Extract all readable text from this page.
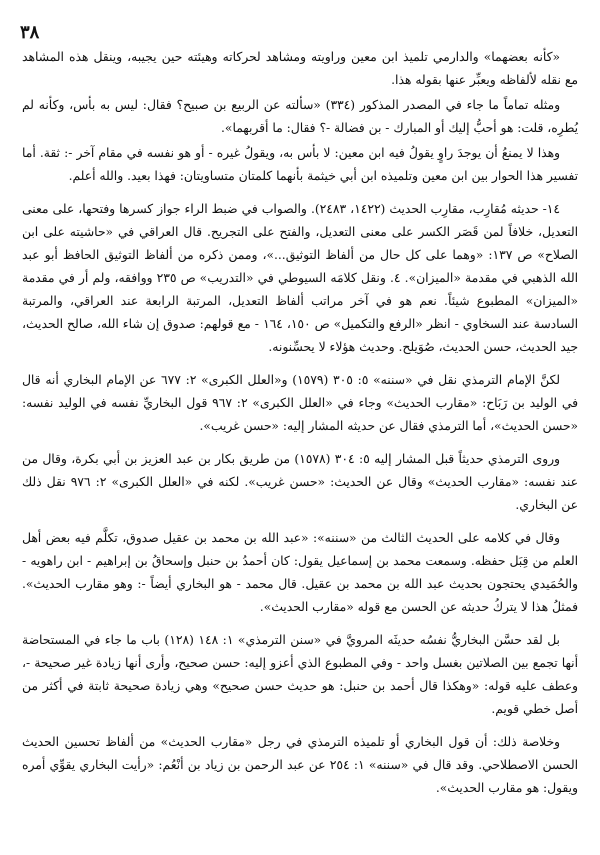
٣٨

«كأنه بعضهما» والدارمي تلميذ ابن معين وراويته ومشاهد لحركاته وهيئته حين يجيبه، وينقل هذه المشاهد مع نقله لألفاظه ويعبِّر عنها بقوله هذا.

ومثله تماماً ما جاء في المصدر المذكور (٣٣٤) «سألته عن الربيع بن صبيح؟ فقال: ليس به بأس، وكأنه لم يُطرِه، قلت: هو أحبُّ إليك أو المبارك - بن فضالة -؟ فقال: ما أقربهما».

وهذا لا يمنعُ أن يوجدَ راوٍ يقولُ فيه ابن معين: لا بأس به، ويقولُ غيره - أو هو نفسه في مقام آخر -: ثقة. أما تفسير هذا الحوار بين ابن معين وتلميذه ابن أبي خيثمة بأنهما كلمتان متساويتان: فهذا بعيد. والله أعلم.

١٤- حديثه مُقارِب، مقارِب الحديث (١٤٢٢، ٢٤٨٣). والصواب في ضبط الراء جواز كسرها وفتحها، على معنى التعديل، خلافاً لمن قَصَر الكسر على معنى التعديل، والفتح على التجريح. قال العراقي في «حاشيته على ابن الصلاح» ص ١٣٧: «وهما على كل حال من ألفاظ التوثيق...»، وممن ذكره من ألفاظ التوثيق الحافظ أبو عبد الله الذهبي في مقدمة «الميزان». ٤. ونقل كلامَه السيوطي في «التدريب» ص ٢٣٥ ووافقه، ولم أر في مقدمة «الميزان» المطبوع شيئاً. نعم هو في آخر مراتب ألفاظ التعديل، المرتبة الرابعة عند العراقي، والمرتبة السادسة عند السخاوي - انظر «الرفع والتكميل» ص ١٥٠، ١٦٤ - مع قولهم: صدوق إن شاء الله، صالح الحديث، جيد الحديث، حسن الحديث، صُوَيلح. وحديث هؤلاء لا يحسِّنونه.

لكنَّ الإمام الترمذي نقل في «سننه» ٥: ٣٠٥ (١٥٧٩) و«العلل الكبرى» ٢: ٦٧٧ عن الإمام البخاري أنه قال في الوليد بن رَبَاح: «مقارب الحديث» وجاء في «العلل الكبرى» ٢: ٩٦٧ قول البخاريِّ نفسه في الوليد نفسه: «حسن الحديث»، أما الترمذي فقال عن حديثه المشار إليه: «حسن غريب».

وروى الترمذي حديثاً قبل المشار إليه ٥: ٣٠٤ (١٥٧٨) من طريق بكار بن عبد العزيز بن أبي بكرة، وقال من عند نفسه: «مقارب الحديث» وقال عن الحديث: «حسن غريب». لكنه في «العلل الكبرى» ٢: ٩٧٦ نقل ذلك عن البخاري.

وقال في كلامه على الحديث الثالث من «سننه»: «عبد الله بن محمد بن عقيل صدوق، تكلَّم فيه بعض أهل العلم من قِبَل حفظه. وسمعت محمد بن إسماعيل يقول: كان أحمدُ بن حنبل وإسحاقُ بن إبراهيم - ابن راهويه - والحُمَيدي يحتجون بحديث عبد الله بن محمد بن عقيل. قال محمد - هو البخاري أيضاً -: وهو مقارب الحديث». فمثلُ هذا لا يتركُ حديثه عن الحسن مع قوله «مقارب الحديث».

بل لقد حسَّن البخاريُّ نفسُه حديثَه المرويَّ في «سنن الترمذي» ١: ١٤٨ (١٢٨) باب ما جاء في المستحاضة أنها تجمع بين الصلاتين بغسل واحد - وفي المطبوع الذي أعزو إليه: حسن صحيح، وأرى أنها زيادة غير صحيحة -، وعطف عليه قوله: «وهكذا قال أحمد بن حنبل: هو حديث حسن صحيح» وهي زيادة صحيحة ثابتة في أكثر من أصل خطي قويم.

وخلاصة ذلك: أن قول البخاري أو تلميذه الترمذي في رجل «مقارب الحديث» من ألفاظ تحسين الحديث الحسن الاصطلاحي. وقد قال في «سننه» ١: ٢٥٤ عن عبد الرحمن بن زياد بن أنْعُم: «رأيت البخاري يقوِّي أمره ويقول: هو مقارب الحديث».
